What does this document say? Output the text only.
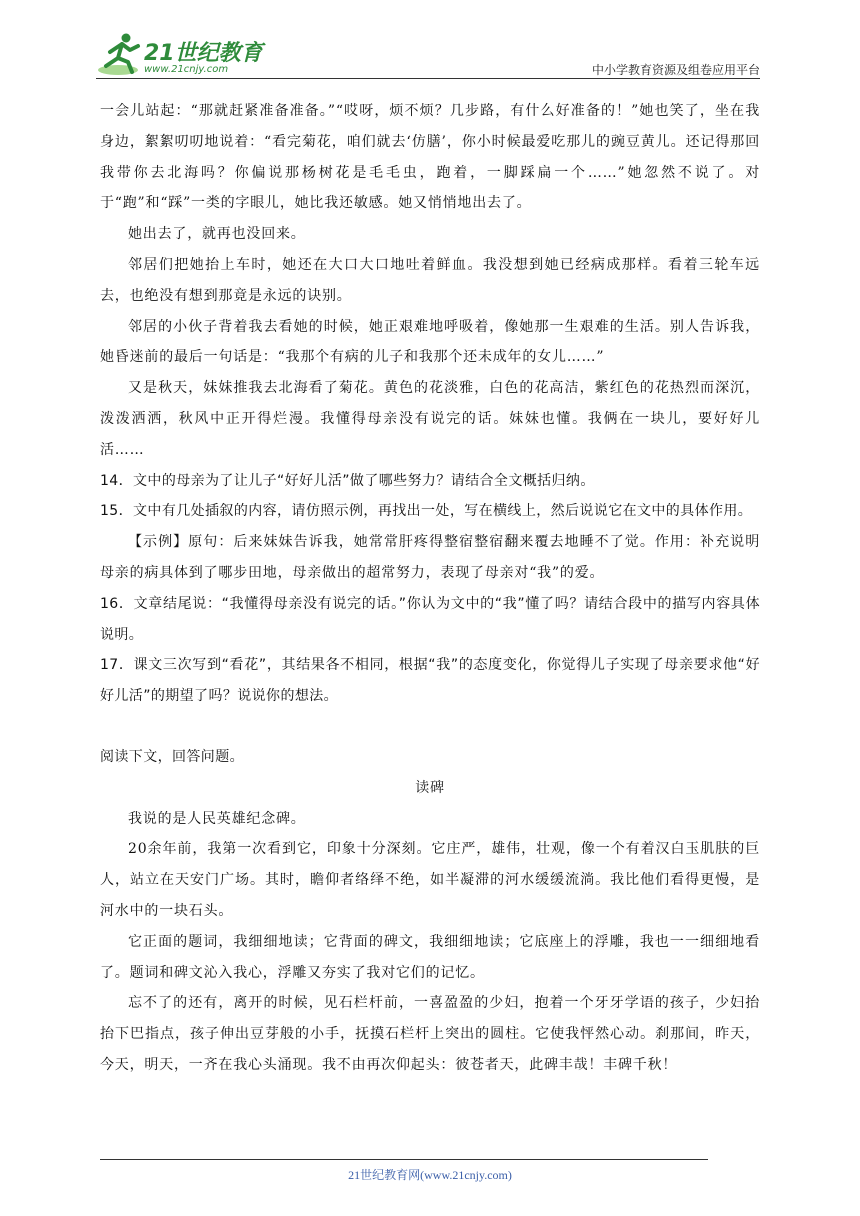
21世纪教育
www.21cnjy.com	中小学教育资源及组卷应用平台

一会儿站起：“那就赶紧准备准备。”“哎呀，烦不烦？几步路，有什么好准备的！”她也笑了，坐在我身边，絮絮叨叨地说着：“看完菊花，咱们就去‘仿膳’，你小时候最爱吃那儿的豌豆黄儿。还记得那回我带你去北海吗？你偏说那杨树花是毛毛虫，跑着，一脚踩扁一个……”她忽然不说了。对于“跑”和“踩”一类的字眼儿，她比我还敏感。她又悄悄地出去了。

她出去了，就再也没回来。

邻居们把她抬上车时，她还在大口大口地吐着鲜血。我没想到她已经病成那样。看着三轮车远去，也绝没有想到那竟是永远的诀别。

邻居的小伙子背着我去看她的时候，她正艰难地呼吸着，像她那一生艰难的生活。别人告诉我，她昏迷前的最后一句话是：“我那个有病的儿子和我那个还未成年的女儿……”

又是秋天，妹妹推我去北海看了菊花。黄色的花淡雅，白色的花高洁，紫红色的花热烈而深沉，泼泼洒洒，秋风中正开得烂漫。我懂得母亲没有说完的话。妹妹也懂。我俩在一块儿，要好好儿活……

14．文中的母亲为了让儿子“好好儿活”做了哪些努力？请结合全文概括归纳。

15．文中有几处插叙的内容，请仿照示例，再找出一处，写在横线上，然后说说它在文中的具体作用。

【示例】原句：后来妹妹告诉我，她常常肝疼得整宿整宿翻来覆去地睡不了觉。作用：补充说明母亲的病具体到了哪步田地，母亲做出的超常努力，表现了母亲对“我”的爱。

16．文章结尾说：“我懂得母亲没有说完的话。”你认为文中的“我”懂了吗？请结合段中的描写内容具体说明。

17．课文三次写到“看花”，其结果各不相同，根据“我”的态度变化，你觉得儿子实现了母亲要求他“好好儿活”的期望了吗？说说你的想法。

阅读下文，回答问题。

读碑

我说的是人民英雄纪念碑。

20余年前，我第一次看到它，印象十分深刻。它庄严，雄伟，壮观，像一个有着汉白玉肌肤的巨人，站立在天安门广场。其时，瞻仰者络绎不绝，如半凝滞的河水缓缓流淌。我比他们看得更慢，是河水中的一块石头。

它正面的题词，我细细地读；它背面的碑文，我细细地读；它底座上的浮雕，我也一一细细地看了。题词和碑文沁入我心，浮雕又夯实了我对它们的记忆。

忘不了的还有，离开的时候，见石栏杆前，一喜盈盈的少妇，抱着一个牙牙学语的孩子，少妇抬抬下巴指点，孩子伸出豆芽般的小手，抚摸石栏杆上突出的圆柱。它使我怦然心动。刹那间，昨天，今天，明天，一齐在我心头涌现。我不由再次仰起头：彼苍者天，此碑丰哉！丰碑千秋！

21世纪教育网(www.21cnjy.com)
